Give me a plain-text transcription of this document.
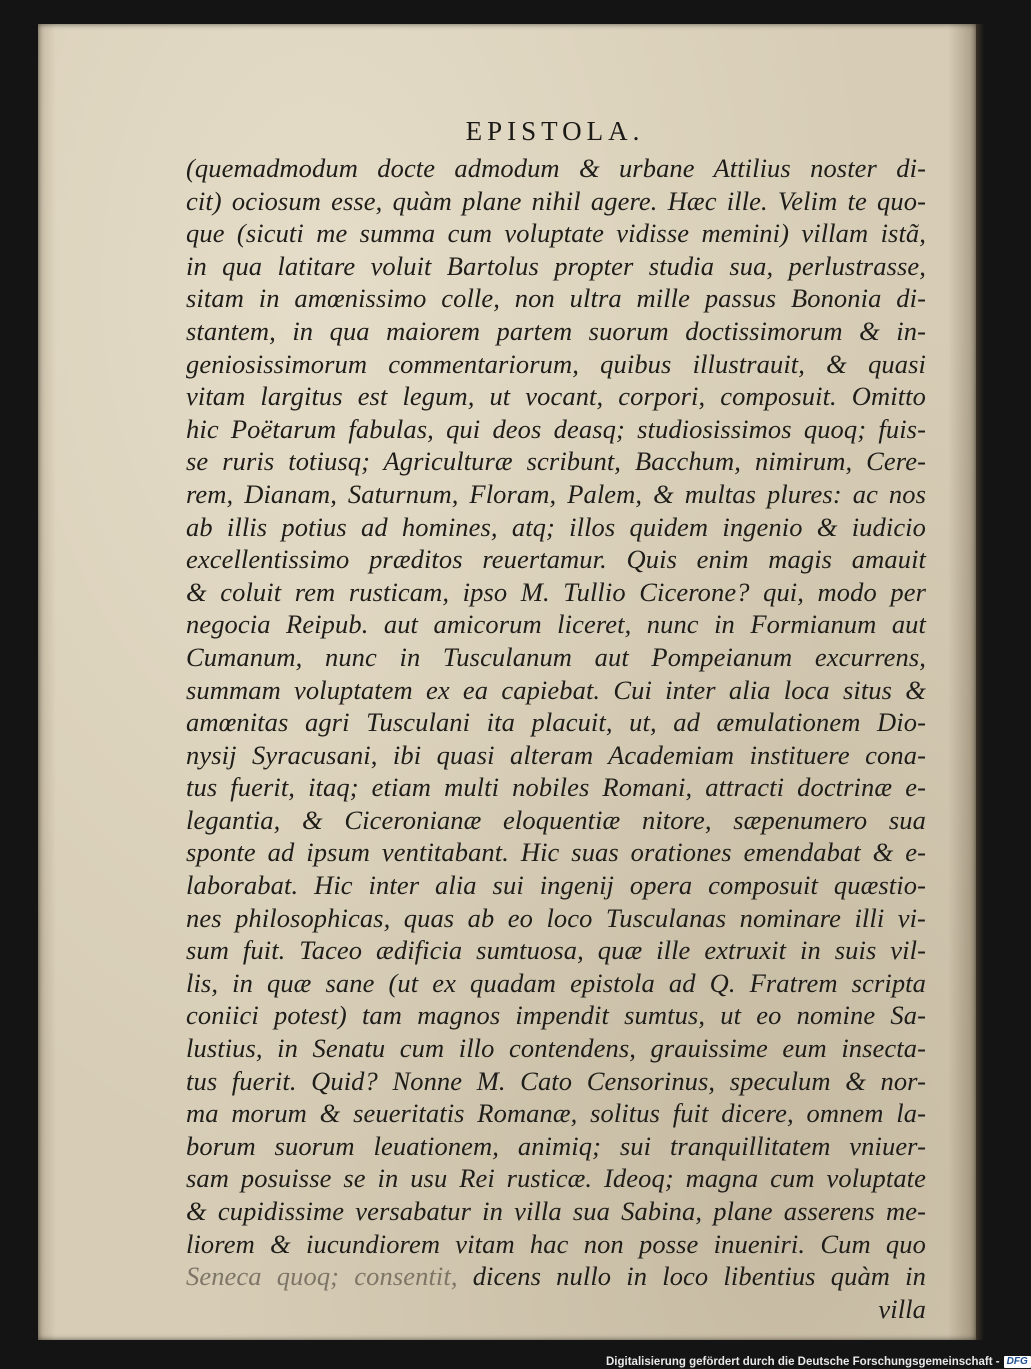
EPISTOLA.
(quemadmodum docte admodum & urbane Attilius noster di-
cit) ociosum esse, quàm plane nihil agere. Hæc ille. Velim te quo-
que (sicuti me summa cum voluptate vidisse memini) villam istã,
in qua latitare voluit Bartolus propter studia sua, perlustrasse,
sitam in amœnissimo colle, non ultra mille passus Bononia di-
stantem, in qua maiorem partem suorum doctissimorum & in-
geniosissimorum commentariorum, quibus illustrauit, & quasi
vitam largitus est legum, ut vocant, corpori, composuit. Omitto
hic Poëtarum fabulas, qui deos deasq; studiosissimos quoq; fuis-
se ruris totiusq; Agriculturæ scribunt, Bacchum, nimirum, Cere-
rem, Dianam, Saturnum, Floram, Palem, & multas plures: ac nos
ab illis potius ad homines, atq; illos quidem ingenio & iudicio
excellentissimo præditos reuertamur. Quis enim magis amauit
& coluit rem rusticam, ipso M. Tullio Cicerone? qui, modo per
negocia Reipub. aut amicorum liceret, nunc in Formianum aut
Cumanum, nunc in Tusculanum aut Pompeianum excurrens,
summam voluptatem ex ea capiebat. Cui inter alia loca situs &
amœnitas agri Tusculani ita placuit, ut, ad æmulationem Dio-
nysij Syracusani, ibi quasi alteram Academiam instituere cona-
tus fuerit, itaq; etiam multi nobiles Romani, attracti doctrinæ e-
legantia, & Ciceronianæ eloquentiæ nitore, sæpenumero sua
sponte ad ipsum ventitabant. Hic suas orationes emendabat & e-
laborabat. Hic inter alia sui ingenij opera composuit quæstio-
nes philosophicas, quas ab eo loco Tusculanas nominare illi vi-
sum fuit. Taceo ædificia sumtuosa, quæ ille extruxit in suis vil-
lis, in quæ sane (ut ex quadam epistola ad Q. Fratrem scripta
coniici potest) tam magnos impendit sumtus, ut eo nomine Sa-
lustius, in Senatu cum illo contendens, grauissime eum insecta-
tus fuerit. Quid? Nonne M. Cato Censorinus, speculum & nor-
ma morum & seueritatis Romanæ, solitus fuit dicere, omnem la-
borum suorum leuationem, animiq; sui tranquillitatem vniuer-
sam posuisse se in usu Rei rusticæ. Ideoq; magna cum voluptate
& cupidissime versabatur in villa sua Sabina, plane asserens me-
liorem & iucundiorem vitam hac non posse inueniri. Cum quo
Seneca quoq; consentit, dicens nullo in loco libentius quàm in
villa
Digitalisierung gefördert durch die Deutsche Forschungsgemeinschaft - DFG
